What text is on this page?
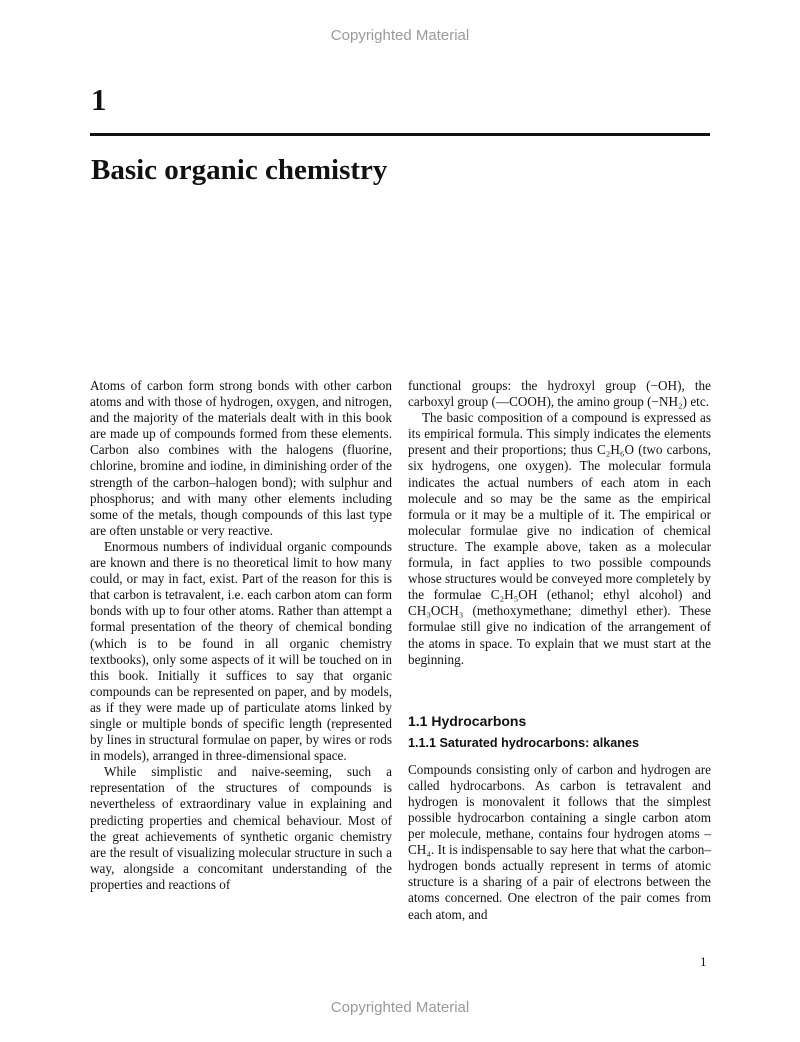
Copyrighted Material
1
Basic organic chemistry

Atoms of carbon form strong bonds with other carbon atoms and with those of hydrogen, oxygen, and nitrogen, and the majority of the materials dealt with in this book are made up of compounds formed from these elements. Carbon also combines with the halogens (fluorine, chlorine, bromine and iodine, in diminishing order of the strength of the carbon–halogen bond); with sulphur and phosphorus; and with many other elements including some of the metals, though compounds of this last type are often unstable or very reactive.

Enormous numbers of individual organic compounds are known and there is no theoretical limit to how many could, or may in fact, exist. Part of the reason for this is that carbon is tetravalent, i.e. each carbon atom can form bonds with up to four other atoms. Rather than attempt a formal presentation of the theory of chemical bonding (which is to be found in all organic chemistry textbooks), only some aspects of it will be touched on in this book. Initially it suffices to say that organic compounds can be represented on paper, and by models, as if they were made up of particulate atoms linked by single or multiple bonds of specific length (represented by lines in structural formulae on paper, by wires or rods in models), arranged in three-dimensional space.

While simplistic and naive-seeming, such a representation of the structures of compounds is nevertheless of extraordinary value in explaining and predicting properties and chemical behaviour. Most of the great achievements of synthetic organic chemistry are the result of visualizing molecular structure in such a way, alongside a concomitant understanding of the properties and reactions of

functional groups: the hydroxyl group (−OH), the carboxyl group (—COOH), the amino group (−NH₂) etc.

The basic composition of a compound is expressed as its empirical formula. This simply indicates the elements present and their proportions; thus C₂H₆O (two carbons, six hydrogens, one oxygen). The molecular formula indicates the actual numbers of each atom in each molecule and so may be the same as the empirical formula or it may be a multiple of it. The empirical or molecular formulae give no indication of chemical structure. The example above, taken as a molecular formula, in fact applies to two possible compounds whose structures would be conveyed more completely by the formulae C₂H₅OH (ethanol; ethyl alcohol) and CH₃OCH₃ (methoxymethane; dimethyl ether). These formulae still give no indication of the arrangement of the atoms in space. To explain that we must start at the beginning.

1.1 Hydrocarbons
1.1.1 Saturated hydrocarbons: alkanes

Compounds consisting only of carbon and hydrogen are called hydrocarbons. As carbon is tetravalent and hydrogen is monovalent it follows that the simplest possible hydrocarbon containing a single carbon atom per molecule, methane, contains four hydrogen atoms – CH₄. It is indispensable to say here that what the carbon–hydrogen bonds actually represent in terms of atomic structure is a sharing of a pair of electrons between the atoms concerned. One electron of the pair comes from each atom, and

1
Copyrighted Material
